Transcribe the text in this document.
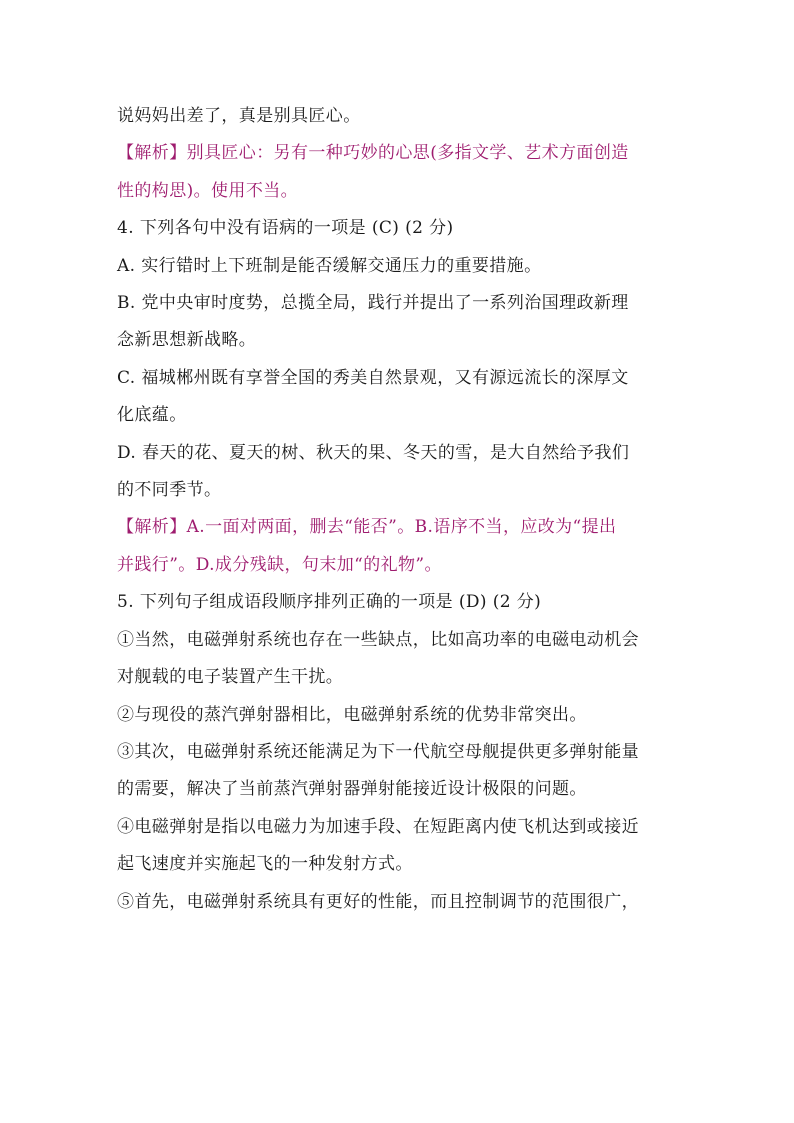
说妈妈出差了，真是别具匠心。
【解析】别具匠心：另有一种巧妙的心思(多指文学、艺术方面创造
性的构思)。使用不当。
4. 下列各句中没有语病的一项是 (C) (2 分)
A. 实行错时上下班制是能否缓解交通压力的重要措施。
B. 党中央审时度势，总揽全局，践行并提出了一系列治国理政新理
念新思想新战略。
C. 福城郴州既有享誉全国的秀美自然景观，又有源远流长的深厚文
化底蕴。
D. 春天的花、夏天的树、秋天的果、冬天的雪，是大自然给予我们
的不同季节。
【解析】A.一面对两面，删去“能否”。B.语序不当，应改为“提出
并践行”。D.成分残缺，句末加“的礼物”。
5. 下列句子组成语段顺序排列正确的一项是 (D) (2 分)
①当然，电磁弹射系统也存在一些缺点，比如高功率的电磁电动机会
对舰载的电子装置产生干扰。
②与现役的蒸汽弹射器相比，电磁弹射系统的优势非常突出。
③其次，电磁弹射系统还能满足为下一代航空母舰提供更多弹射能量
的需要，解决了当前蒸汽弹射器弹射能接近设计极限的问题。
④电磁弹射是指以电磁力为加速手段、在短距离内使飞机达到或接近
起飞速度并实施起飞的一种发射方式。
⑤首先，电磁弹射系统具有更好的性能，而且控制调节的范围很广，
